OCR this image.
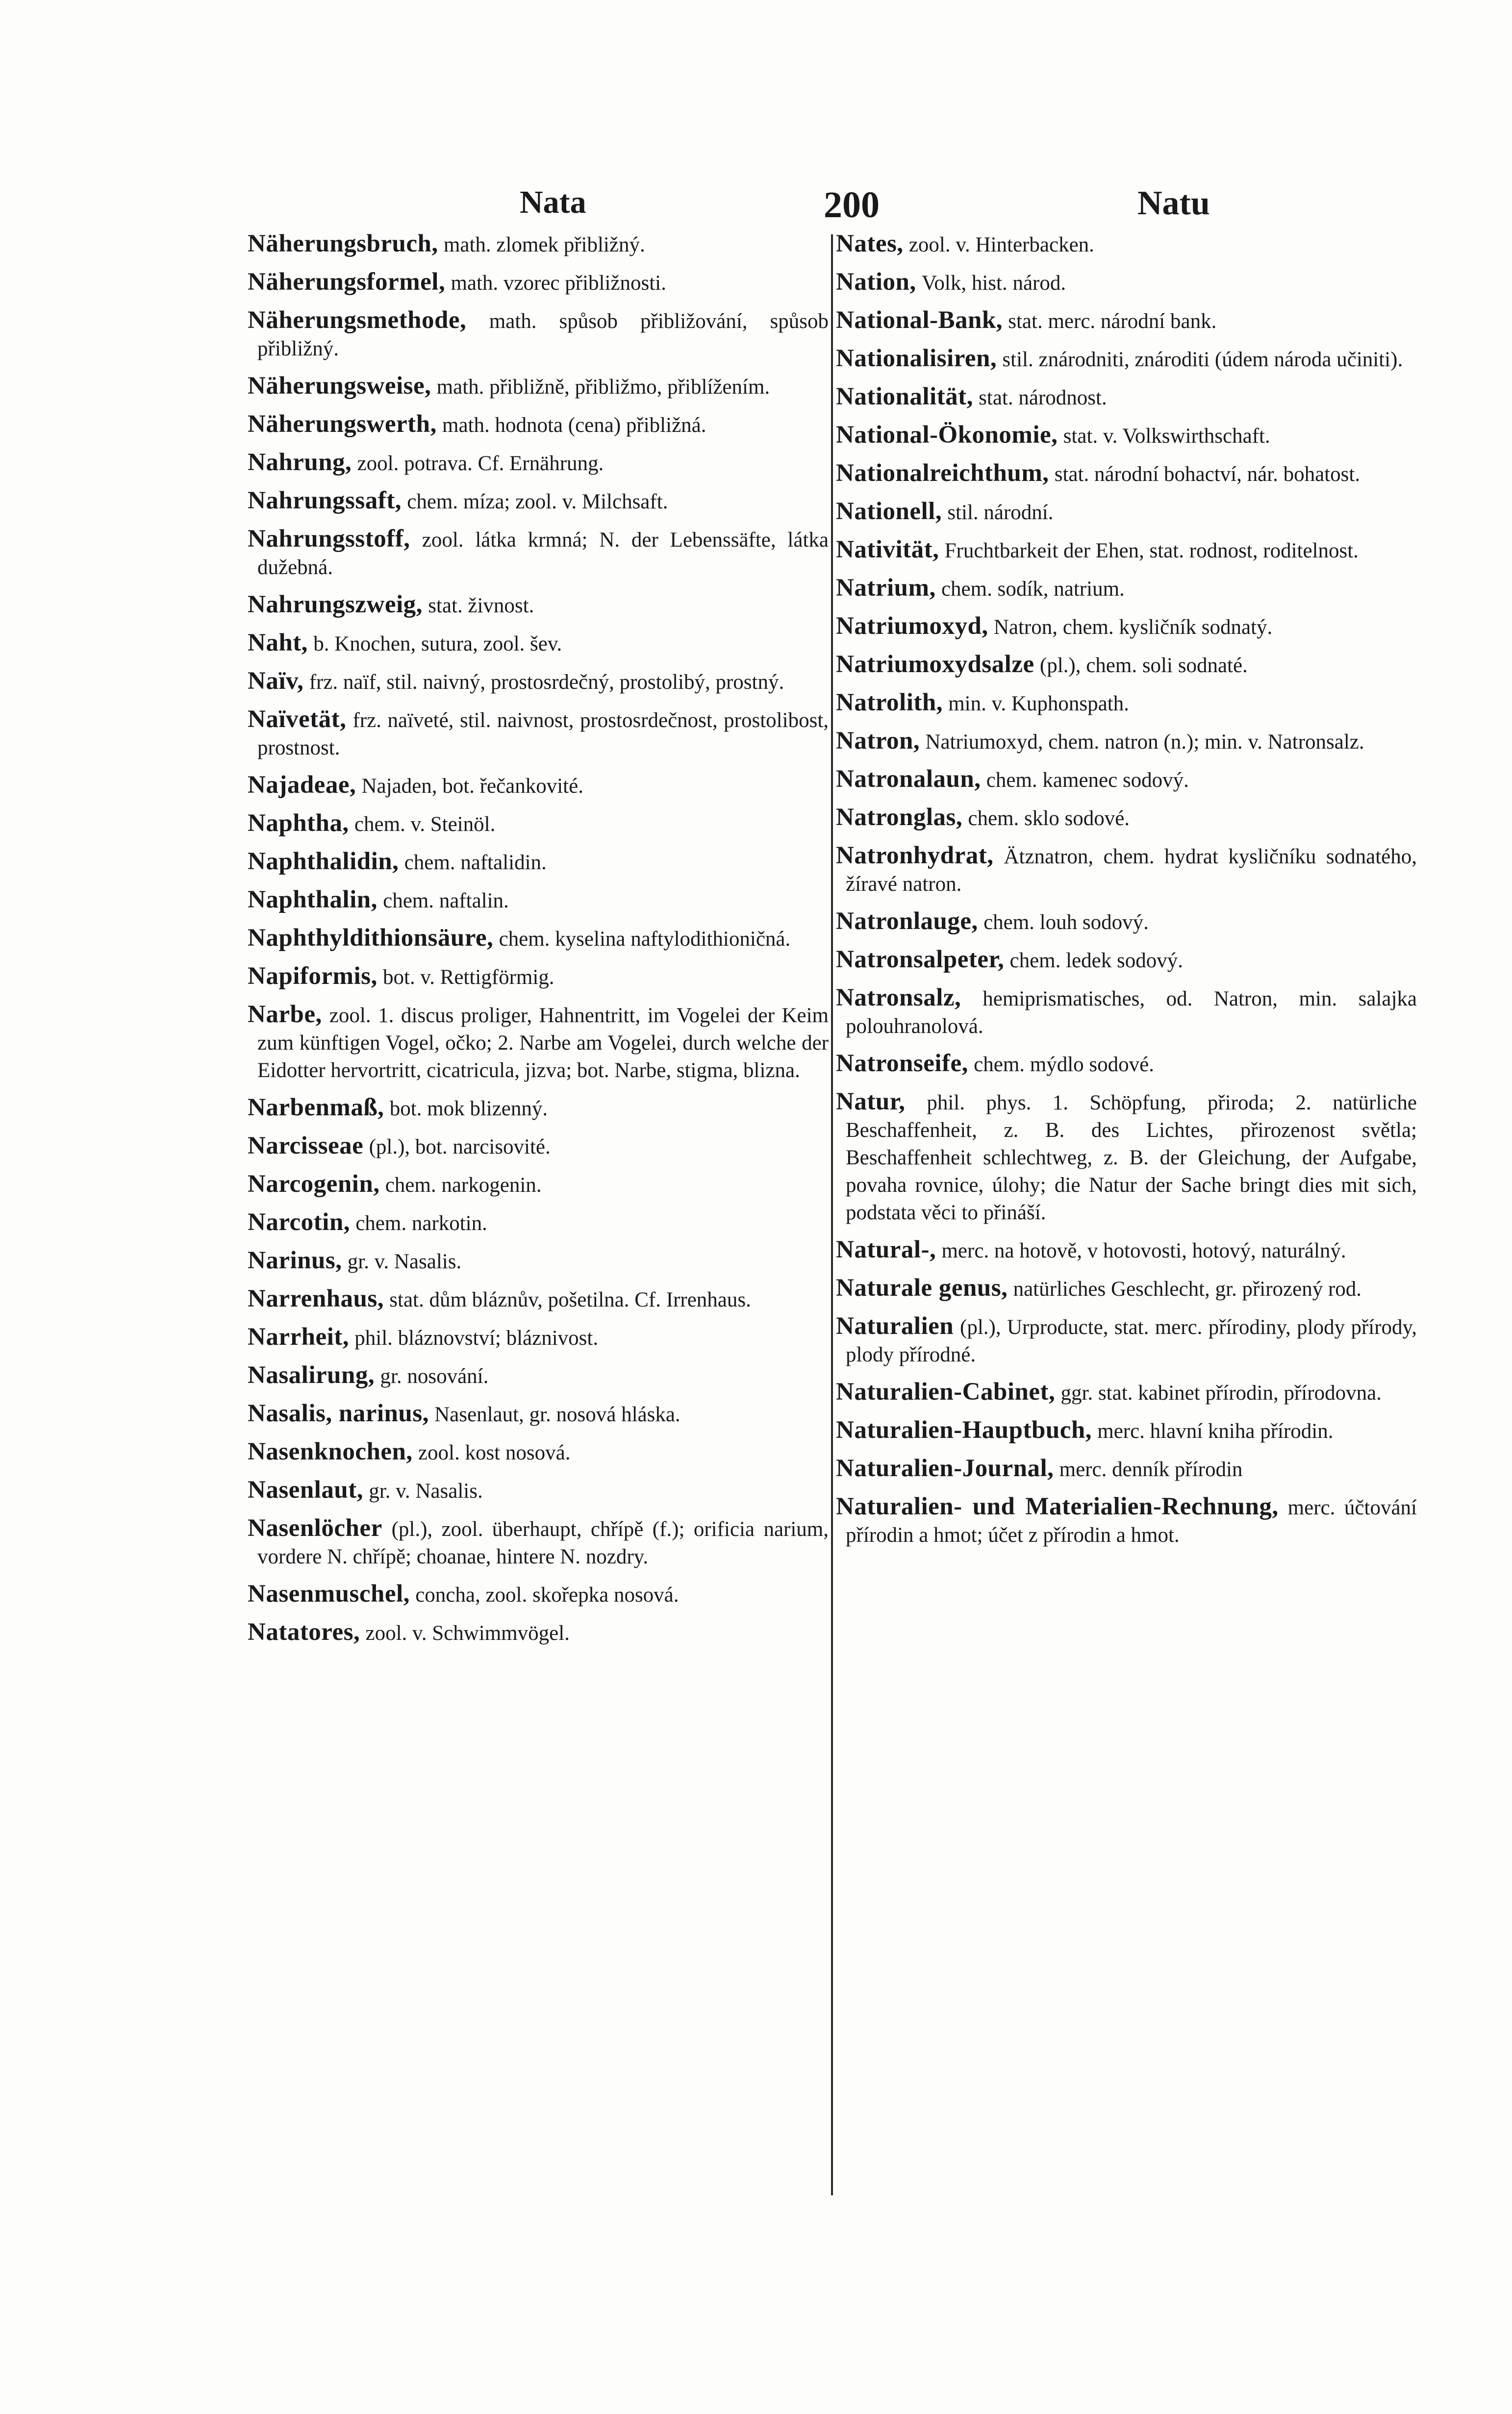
Nata	200	Natu

Näherungsbruch, math. zlomek přibližný.

Näherungsformel, math. vzorec přibližnosti.

Näherungsmethode, math. spůsob přibližování, spůsob přibližný.

Näherungsweise, math. přibližně, přibližmo, přiblížením.

Näherungswerth, math. hodnota (cena) přibližná.

Nahrung, zool. potrava. Cf. Ernährung.

Nahrungssaft, chem. míza; zool. v. Milchsaft.

Nahrungsstoff, zool. látka krmná; N. der Lebenssäfte, látka dužebná.

Nahrungszweig, stat. živnost.

Naht, b. Knochen, sutura, zool. šev.

Naïv, frz. naïf, stil. naivný, prostosrdečný, prostolibý, prostný.

Naïvetät, frz. naïveté, stil. naivnost, prostosrdečnost, prostolibost, prostnost.

Najadeae, Najaden, bot. řečankovité.

Naphtha, chem. v. Steinöl.

Naphthalidin, chem. naftalidin.

Naphthalin, chem. naftalin.

Naphthyldithionsäure, chem. kyselina naftylodithioničná.

Napiformis, bot. v. Rettigförmig.

Narbe, zool. 1. discus proliger, Hahnentritt, im Vogelei der Keim zum künftigen Vogel, očko; 2. Narbe am Vogelei, durch welche der Eidotter hervortritt, cicatricula, jizva; bot. Narbe, stigma, blizna.

Narbenmaß, bot. mok blizenný.

Narcisseae (pl.), bot. narcisovité.

Narcogenin, chem. narkogenin.

Narcotin, chem. narkotin.

Narinus, gr. v. Nasalis.

Narrenhaus, stat. dům bláznův, pošetilna. Cf. Irrenhaus.

Narrheit, phil. bláznovství; bláznivost.

Nasalirung, gr. nosování.

Nasalis, narinus, Nasenlaut, gr. nosová hláska.

Nasenknochen, zool. kost nosová.

Nasenlaut, gr. v. Nasalis.

Nasenlöcher (pl.), zool. überhaupt, chřípě (f.); orificia narium, vordere N. chřípě; choanae, hintere N. nozdry.

Nasenmuschel, concha, zool. skořepka nosová.

Natatores, zool. v. Schwimmvögel.

Nates, zool. v. Hinterbacken.

Nation, Volk, hist. národ.

National-Bank, stat. merc. národní bank.

Nationalisiren, stil. znárodniti, znároditi (údem národa učiniti).

Nationalität, stat. národnost.

National-Ökonomie, stat. v. Volkswirthschaft.

Nationalreichthum, stat. národní bohactví, nár. bohatost.

Nationell, stil. národní.

Nativität, Fruchtbarkeit der Ehen, stat. rodnost, roditelnost.

Natrium, chem. sodík, natrium.

Natriumoxyd, Natron, chem. kysličník sodnatý.

Natriumoxydsalze (pl.), chem. soli sodnaté.

Natrolith, min. v. Kuphonspath.

Natron, Natriumoxyd, chem. natron (n.); min. v. Natronsalz.

Natronalaun, chem. kamenec sodový.

Natronglas, chem. sklo sodové.

Natronhydrat, Ätznatron, chem. hydrat kysličníku sodnatého, žíravé natron.

Natronlauge, chem. louh sodový.

Natronsalpeter, chem. ledek sodový.

Natronsalz, hemiprismatisches, od. Natron, min. salajka polouhranolová.

Natronseife, chem. mýdlo sodové.

Natur, phil. phys. 1. Schöpfung, přiroda; 2. natürliche Beschaffenheit, z. B. des Lichtes, přirozenost světla; Beschaffenheit schlechtweg, z. B. der Gleichung, der Aufgabe, povaha rovnice, úlohy; die Natur der Sache bringt dies mit sich, podstata věci to přináší.

Natural-, merc. na hotově, v hotovosti, hotový, naturálný.

Naturale genus, natürliches Geschlecht, gr. přirozený rod.

Naturalien (pl.), Urproducte, stat. merc. přírodiny, plody přírody, plody přírodné.

Naturalien-Cabinet, ggr. stat. kabinet přírodin, přírodovna.

Naturalien-Hauptbuch, merc. hlavní kniha přírodin.

Naturalien-Journal, merc. denník přírodin

Naturalien- und Materialien-Rechnung, merc. účtování přírodin a hmot; účet z přírodin a hmot.
